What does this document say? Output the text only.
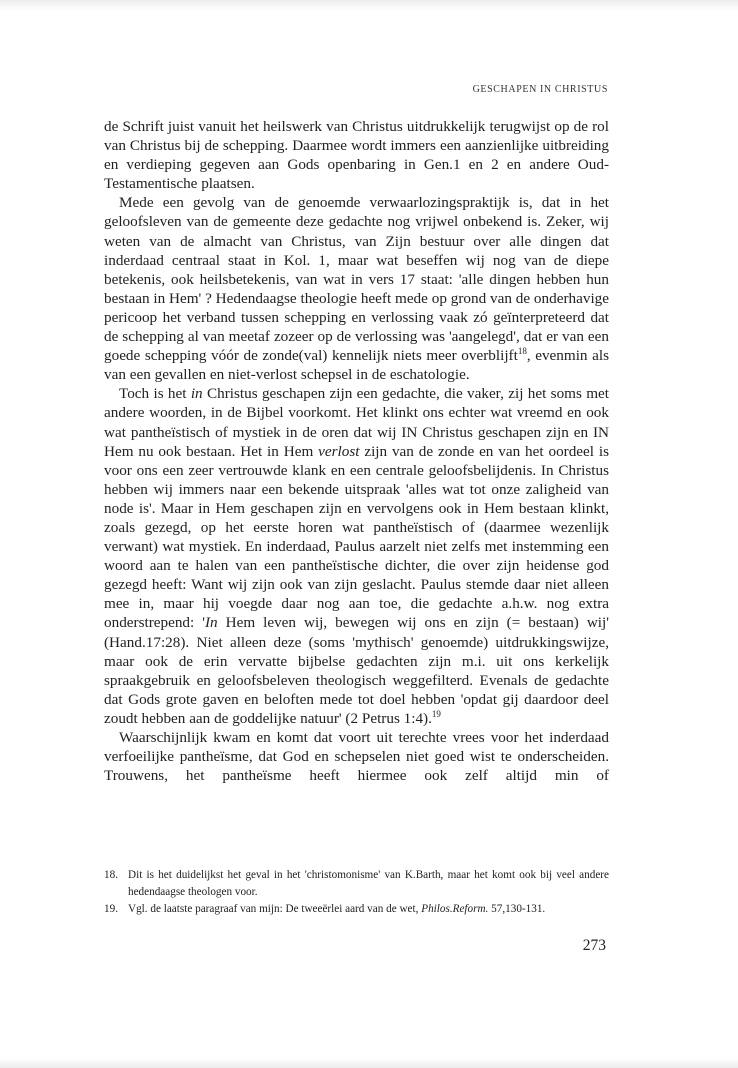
GESCHAPEN IN CHRISTUS

de Schrift juist vanuit het heilswerk van Christus uitdrukkelijk terugwijst op de rol van Christus bij de schepping. Daarmee wordt immers een aanzienlijke uitbreiding en verdieping gegeven aan Gods openbaring in Gen.1 en 2 en andere Oud-Testamentische plaatsen.

Mede een gevolg van de genoemde verwaarlozingspraktijk is, dat in het geloofsleven van de gemeente deze gedachte nog vrijwel onbekend is. Zeker, wij weten van de almacht van Christus, van Zijn bestuur over alle dingen dat inderdaad centraal staat in Kol. 1, maar wat beseffen wij nog van de diepe betekenis, ook heilsbetekenis, van wat in vers 17 staat: 'alle dingen hebben hun bestaan in Hem' ? Hedendaagse theologie heeft mede op grond van de onderhavige pericoop het verband tussen schepping en verlossing vaak zó geïnterpreteerd dat de schepping al van meetaf zozeer op de verlossing was 'aangelegd', dat er van een goede schepping vóór de zonde(val) kennelijk niets meer overblijft$^{18}$, evenmin als van een gevallen en niet-verlost schepsel in de eschatologie.

Toch is het in Christus geschapen zijn een gedachte, die vaker, zij het soms met andere woorden, in de Bijbel voorkomt. Het klinkt ons echter wat vreemd en ook wat pantheïstisch of mystiek in de oren dat wij IN Christus geschapen zijn en IN Hem nu ook bestaan. Het in Hem verlost zijn van de zonde en van het oordeel is voor ons een zeer vertrouwde klank en een centrale geloofsbelijdenis. In Christus hebben wij immers naar een bekende uitspraak 'alles wat tot onze zaligheid van node is'. Maar in Hem geschapen zijn en vervolgens ook in Hem bestaan klinkt, zoals gezegd, op het eerste horen wat pantheïstisch of (daarmee wezenlijk verwant) wat mystiek. En inderdaad, Paulus aarzelt niet zelfs met instemming een woord aan te halen van een pantheïstische dichter, die over zijn heidense god gezegd heeft: Want wij zijn ook van zijn geslacht. Paulus stemde daar niet alleen mee in, maar hij voegde daar nog aan toe, die gedachte a.h.w. nog extra onderstrepend: 'In Hem leven wij, bewegen wij ons en zijn (= bestaan) wij' (Hand.17:28). Niet alleen deze (soms 'mythisch' genoemde) uitdrukkingswijze, maar ook de erin vervatte bijbelse gedachten zijn m.i. uit ons kerkelijk spraakgebruik en geloofsbeleven theologisch weggefilterd. Evenals de gedachte dat Gods grote gaven en beloften mede tot doel hebben 'opdat gij daardoor deel zoudt hebben aan de goddelijke natuur' (2 Petrus 1:4).$^{19}$

Waarschijnlijk kwam en komt dat voort uit terechte vrees voor het inderdaad verfoeilijke pantheïsme, dat God en schepselen niet goed wist te onderscheiden. Trouwens, het pantheïsme heeft hiermee ook zelf altijd min of

18. Dit is het duidelijkst het geval in het 'christomonisme' van K.Barth, maar het komt ook bij veel andere hedendaagse theologen voor.
19. Vgl. de laatste paragraaf van mijn: De tweeërlei aard van de wet, Philos.Reform. 57,130-131.
273
